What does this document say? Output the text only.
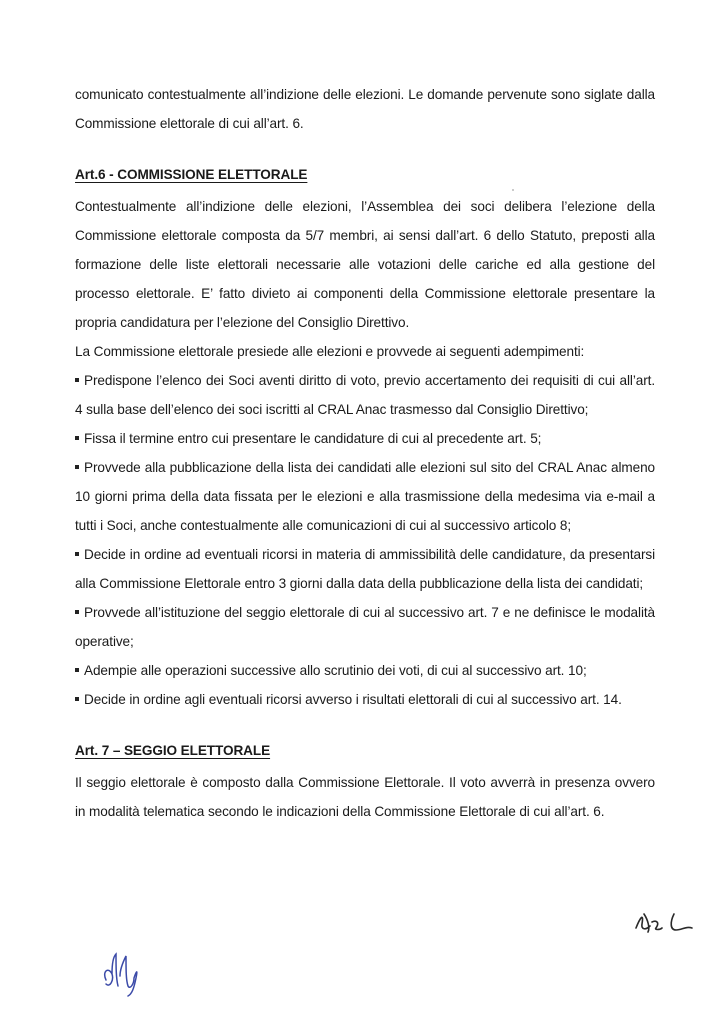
comunicato contestualmente all’indizione delle elezioni. Le domande pervenute sono siglate dalla Commissione elettorale di cui all’art. 6.

Art.6 - COMMISSIONE ELETTORALE

Contestualmente all’indizione delle elezioni, l’Assemblea dei soci delibera l’elezione della Commissione elettorale composta da 5/7 membri, ai sensi dall’art. 6 dello Statuto, preposti alla formazione delle liste elettorali necessarie alle votazioni delle cariche ed alla gestione del processo elettorale. E’ fatto divieto ai componenti della Commissione elettorale presentare la propria candidatura per l’elezione del Consiglio Direttivo.

La Commissione elettorale presiede alle elezioni e provvede ai seguenti adempimenti:

Predispone l’elenco dei Soci aventi diritto di voto, previo accertamento dei requisiti di cui all’art. 4 sulla base dell’elenco dei soci iscritti al CRAL Anac trasmesso dal Consiglio Direttivo;

Fissa il termine entro cui presentare le candidature di cui al precedente art. 5;

Provvede alla pubblicazione della lista dei candidati alle elezioni sul sito del CRAL Anac almeno 10 giorni prima della data fissata per le elezioni e alla trasmissione della medesima via e-mail a tutti i Soci, anche contestualmente alle comunicazioni di cui al successivo articolo 8;

Decide in ordine ad eventuali ricorsi in materia di ammissibilità delle candidature, da presentarsi alla Commissione Elettorale entro 3 giorni dalla data della pubblicazione della lista dei candidati;

Provvede all’istituzione del seggio elettorale di cui al successivo art. 7 e ne definisce le modalità operative;

Adempie alle operazioni successive allo scrutinio dei voti, di cui al successivo art. 10;

Decide in ordine agli eventuali ricorsi avverso i risultati elettorali di cui al successivo art. 14.

Art. 7 – SEGGIO ELETTORALE

Il seggio elettorale è composto dalla Commissione Elettorale. Il voto avverrà in presenza ovvero in modalità telematica secondo le indicazioni della Commissione Elettorale di cui all’art. 6.
